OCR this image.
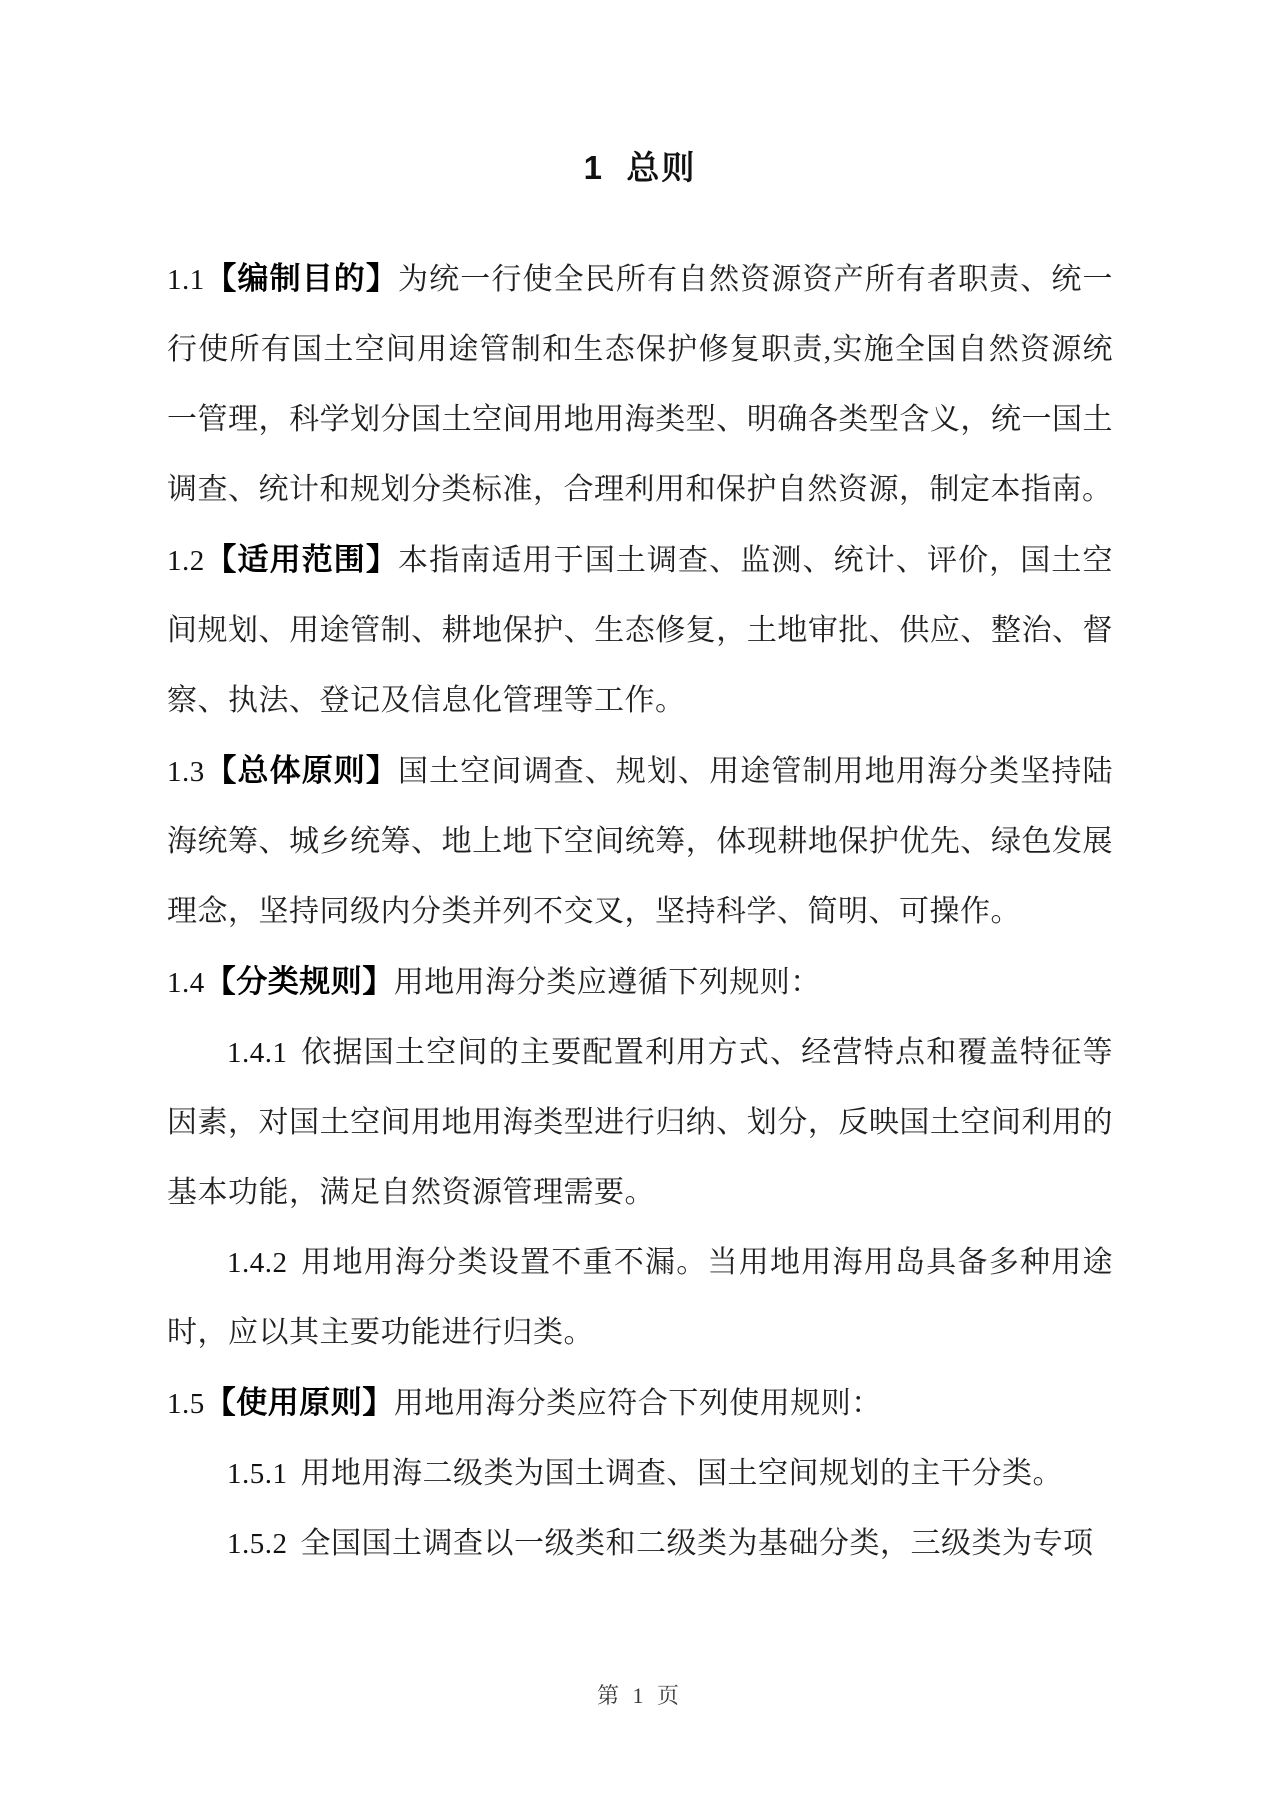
1  总则

1.1【编制目的】为统一行使全民所有自然资源资产所有者职责、统一行使所有国土空间用途管制和生态保护修复职责,实施全国自然资源统一管理，科学划分国土空间用地用海类型、明确各类型含义，统一国土调查、统计和规划分类标准，合理利用和保护自然资源，制定本指南。

1.2【适用范围】本指南适用于国土调查、监测、统计、评价，国土空间规划、用途管制、耕地保护、生态修复，土地审批、供应、整治、督察、执法、登记及信息化管理等工作。

1.3【总体原则】国土空间调查、规划、用途管制用地用海分类坚持陆海统筹、城乡统筹、地上地下空间统筹，体现耕地保护优先、绿色发展理念，坚持同级内分类并列不交叉，坚持科学、简明、可操作。

1.4【分类规则】用地用海分类应遵循下列规则：

1.4.1 依据国土空间的主要配置利用方式、经营特点和覆盖特征等因素，对国土空间用地用海类型进行归纳、划分，反映国土空间利用的基本功能，满足自然资源管理需要。

1.4.2 用地用海分类设置不重不漏。当用地用海用岛具备多种用途时，应以其主要功能进行归类。

1.5【使用原则】用地用海分类应符合下列使用规则：

1.5.1 用地用海二级类为国土调查、国土空间规划的主干分类。

1.5.2 全国国土调查以一级类和二级类为基础分类，三级类为专项

第 1 页
